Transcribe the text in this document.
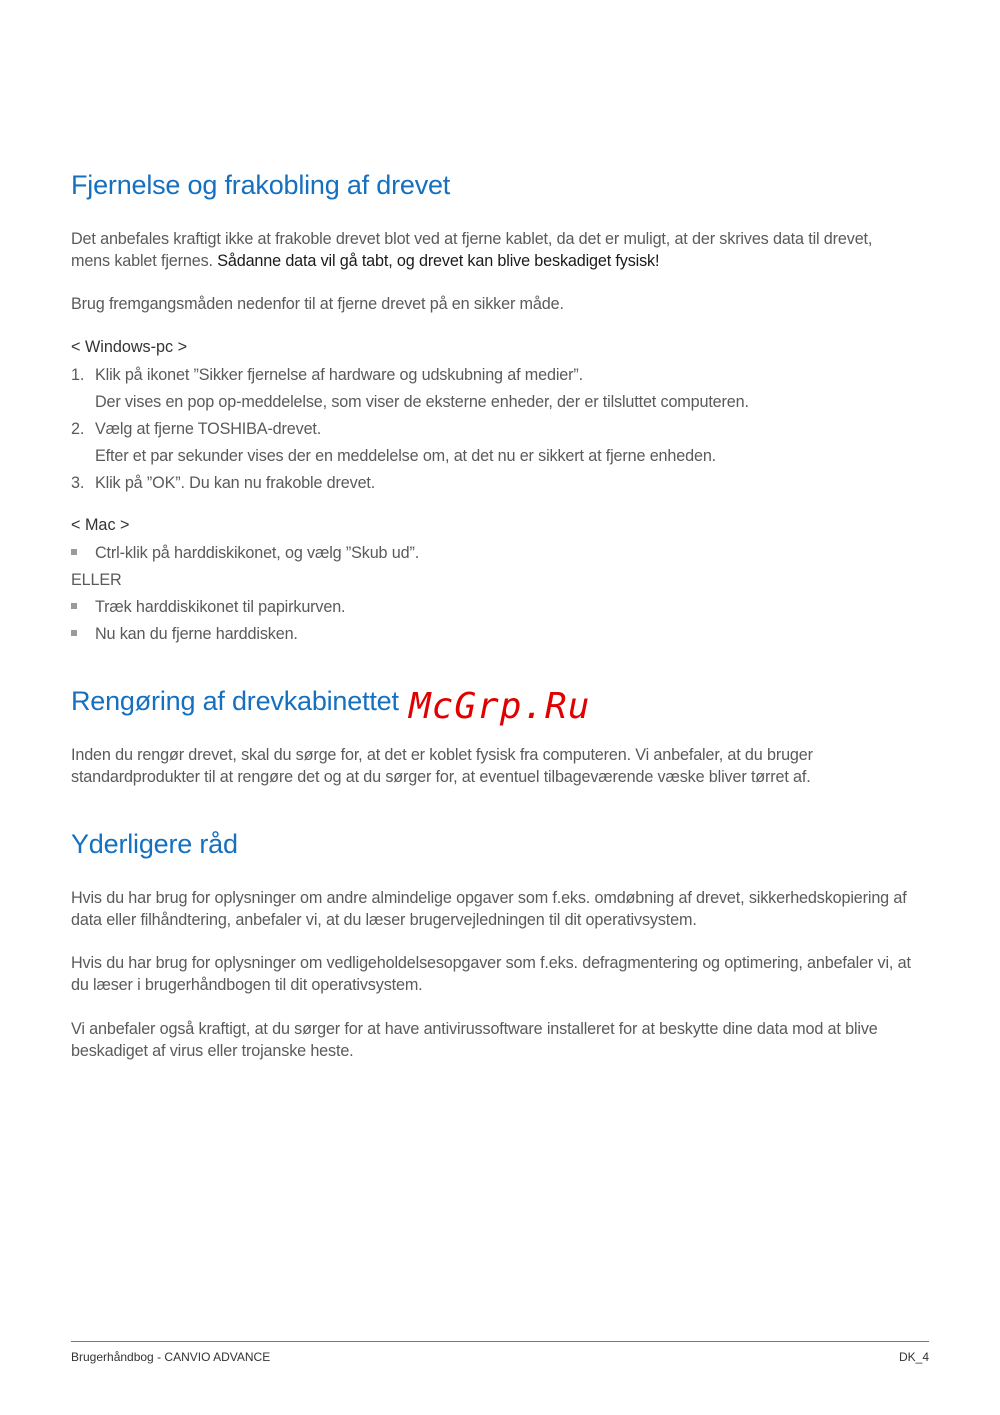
Fjernelse og frakobling af drevet

Det anbefales kraftigt ikke at frakoble drevet blot ved at fjerne kablet, da det er muligt, at der skrives data til drevet,
mens kablet fjernes. Sådanne data vil gå tabt, og drevet kan blive beskadiget fysisk!

Brug fremgangsmåden nedenfor til at fjerne drevet på en sikker måde.

< Windows-pc >
1. Klik på ikonet ”Sikker fjernelse af hardware og udskubning af medier”.
Der vises en pop op-meddelelse, som viser de eksterne enheder, der er tilsluttet computeren.
2. Vælg at fjerne TOSHIBA-drevet.
Efter et par sekunder vises der en meddelelse om, at det nu er sikkert at fjerne enheden.
3. Klik på ”OK”. Du kan nu frakoble drevet.
< Mac >
Ctrl-klik på harddiskikonet, og vælg ”Skub ud”.
ELLER
Træk harddiskikonet til papirkurven.
Nu kan du fjerne harddisken.
Rengøring af drevkabinettet

Inden du rengør drevet, skal du sørge for, at det er koblet fysisk fra computeren. Vi anbefaler, at du bruger standardprodukter til at rengøre det og at du sørger for, at eventuel tilbageværende væske bliver tørret af.

Yderligere råd

Hvis du har brug for oplysninger om andre almindelige opgaver som f.eks. omdøbning af drevet, sikkerhedskopiering af data eller filhåndtering, anbefaler vi, at du læser brugervejledningen til dit operativsystem.

Hvis du har brug for oplysninger om vedligeholdelsesopgaver som f.eks. defragmentering og optimering, anbefaler vi, at du læser i brugerhåndbogen til dit operativsystem.

Vi anbefaler også kraftigt, at du sørger for at have antivirussoftware installeret for at beskytte dine data mod at blive beskadiget af virus eller trojanske heste.

McGrp.Ru
Brugerhåndbog - CANVIO ADVANCE	DK_4
